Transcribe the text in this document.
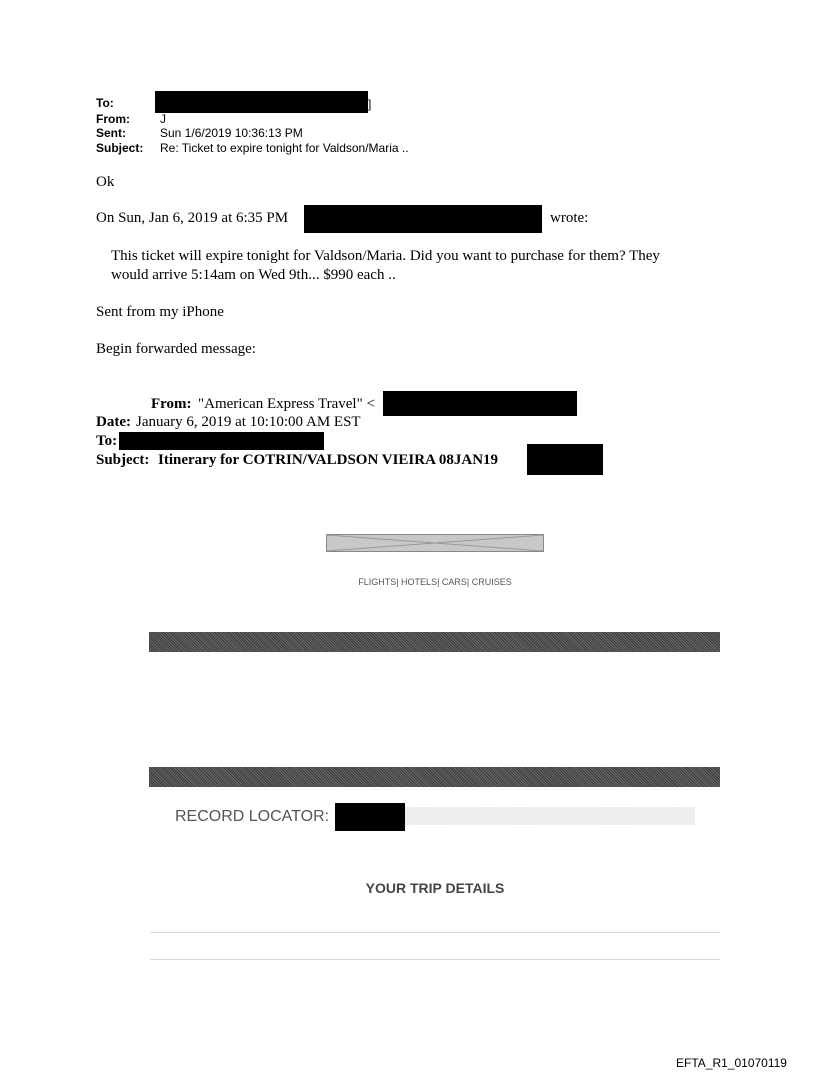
To:	]
From:	J
Sent:	Sun 1/6/2019 10:36:13 PM
Subject: Re: Ticket to expire tonight for Valdson/Maria ..
Ok
On Sun, Jan 6, 2019 at 6:35 PM	wrote:
This ticket will expire tonight for Valdson/Maria. Did you want to purchase for them? They
would arrive 5:14am on Wed 9th... $990 each ..
Sent from my iPhone
Begin forwarded message:
From: "American Express Travel" <
Date: January 6, 2019 at 10:10:00 AM EST
To:
Subject: Itinerary for COTRIN/VALDSON VIEIRA 08JAN19
FLIGHTS| HOTELS| CARS| CRUISES
RECORD LOCATOR:
YOUR TRIP DETAILS
EFTA_R1_01070119
